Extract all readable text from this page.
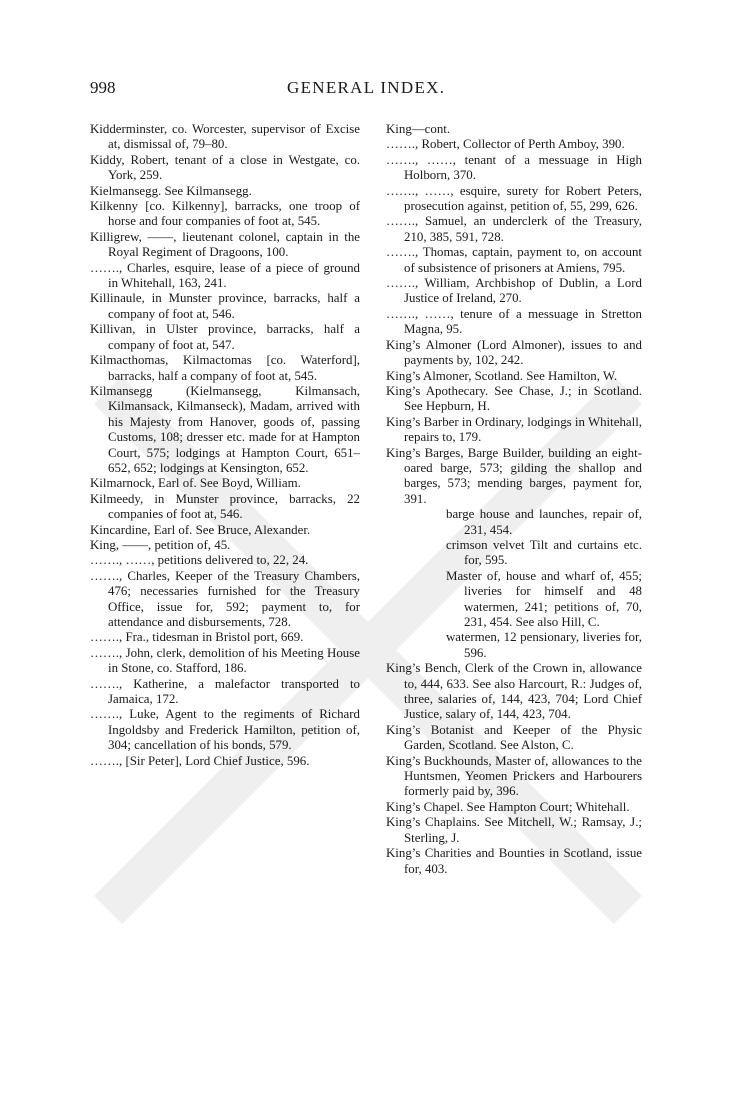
998	GENERAL INDEX.

Kidderminster, co. Worcester, supervisor of Excise at, dismissal of, 79–80.

Kiddy, Robert, tenant of a close in Westgate, co. York, 259.

Kielmansegg. See Kilmansegg.

Kilkenny [co. Kilkenny], barracks, one troop of horse and four companies of foot at, 545.

Killigrew, ——, lieutenant colonel, captain in the Royal Regiment of Dragoons, 100.

……., Charles, esquire, lease of a piece of ground in Whitehall, 163, 241.

Killinaule, in Munster province, barracks, half a company of foot at, 546.

Killivan, in Ulster province, barracks, half a company of foot at, 547.

Kilmacthomas, Kilmactomas [co. Waterford], barracks, half a company of foot at, 545.

Kilmansegg (Kielmansegg, Kilmansach, Kilmansack, Kilmanseck), Madam, arrived with his Majesty from Hanover, goods of, passing Customs, 108; dresser etc. made for at Hampton Court, 575; lodgings at Hampton Court, 651–652, 652; lodgings at Kensington, 652.

Kilmarnock, Earl of. See Boyd, William.

Kilmeedy, in Munster province, barracks, 22 companies of foot at, 546.

Kincardine, Earl of. See Bruce, Alexander.

King, ——, petition of, 45.

……., ……, petitions delivered to, 22, 24.

……., Charles, Keeper of the Treasury Chambers, 476; necessaries furnished for the Treasury Office, issue for, 592; payment to, for attendance and disbursements, 728.

……., Fra., tidesman in Bristol port, 669.

……., John, clerk, demolition of his Meeting House in Stone, co. Stafford, 186.

……., Katherine, a malefactor transported to Jamaica, 172.

……., Luke, Agent to the regiments of Richard Ingoldsby and Frederick Hamilton, petition of, 304; cancellation of his bonds, 579.

……., [Sir Peter], Lord Chief Justice, 596.

King—cont.

……., Robert, Collector of Perth Amboy, 390.

……., ……, tenant of a messuage in High Holborn, 370.

……., ……, esquire, surety for Robert Peters, prosecution against, petition of, 55, 299, 626.

……., Samuel, an underclerk of the Treasury, 210, 385, 591, 728.

……., Thomas, captain, payment to, on account of subsistence of prisoners at Amiens, 795.

……., William, Archbishop of Dublin, a Lord Justice of Ireland, 270.

……., ……, tenure of a messuage in Stretton Magna, 95.

King’s Almoner (Lord Almoner), issues to and payments by, 102, 242.

King’s Almoner, Scotland. See Hamilton, W.

King’s Apothecary. See Chase, J.; in Scotland. See Hepburn, H.

King’s Barber in Ordinary, lodgings in Whitehall, repairs to, 179.

King’s Barges, Barge Builder, building an eight-oared barge, 573; gilding the shallop and barges, 573; mending barges, payment for, 391.

barge house and launches, repair of, 231, 454.

crimson velvet Tilt and curtains etc. for, 595.

Master of, house and wharf of, 455; liveries for himself and 48 watermen, 241; petitions of, 70, 231, 454. See also Hill, C.

watermen, 12 pensionary, liveries for, 596.

King’s Bench, Clerk of the Crown in, allowance to, 444, 633. See also Harcourt, R.: Judges of, three, salaries of, 144, 423, 704; Lord Chief Justice, salary of, 144, 423, 704.

King’s Botanist and Keeper of the Physic Garden, Scotland. See Alston, C.

King’s Buckhounds, Master of, allowances to the Huntsmen, Yeomen Prickers and Harbourers formerly paid by, 396.

King’s Chapel. See Hampton Court; Whitehall.

King’s Chaplains. See Mitchell, W.; Ramsay, J.; Sterling, J.

King’s Charities and Bounties in Scotland, issue for, 403.
